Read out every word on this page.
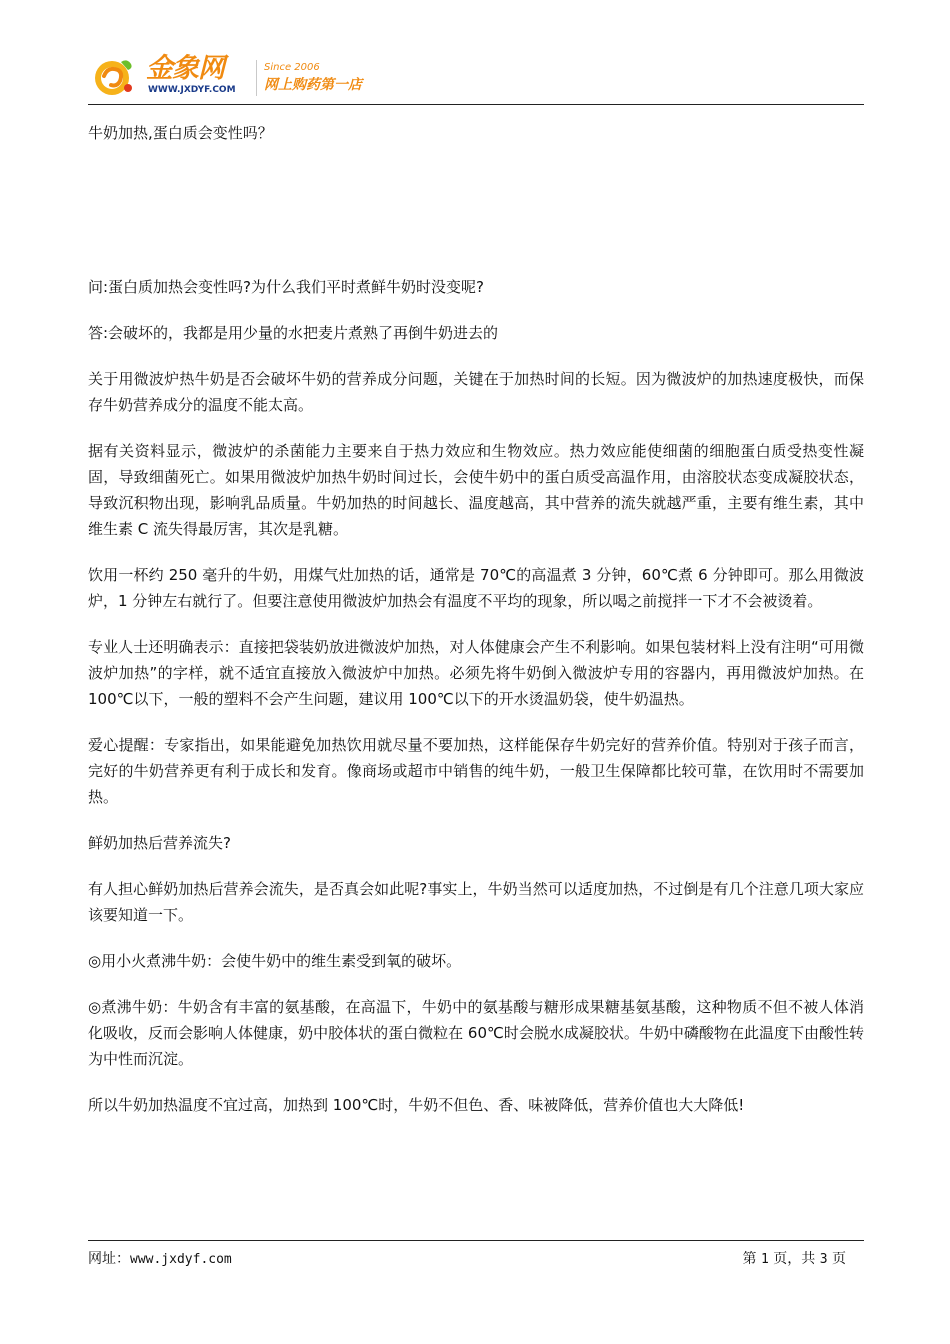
金象网
WWW.JXDYF.COM
Since 2006
网上购药第一店

牛奶加热,蛋白质会变性吗？

问:蛋白质加热会变性吗?为什么我们平时煮鲜牛奶时没变呢?

答:会破坏的，我都是用少量的水把麦片煮熟了再倒牛奶进去的

关于用微波炉热牛奶是否会破坏牛奶的营养成分问题，关键在于加热时间的长短。因为微波炉的加热速度极快，而保存牛奶营养成分的温度不能太高。

据有关资料显示，微波炉的杀菌能力主要来自于热力效应和生物效应。热力效应能使细菌的细胞蛋白质受热变性凝固，导致细菌死亡。如果用微波炉加热牛奶时间过长，会使牛奶中的蛋白质受高温作用，由溶胶状态变成凝胶状态，导致沉积物出现，影响乳品质量。牛奶加热的时间越长、温度越高，其中营养的流失就越严重，主要有维生素，其中维生素 C 流失得最厉害，其次是乳糖。

饮用一杯约 250 毫升的牛奶，用煤气灶加热的话，通常是 70℃的高温煮 3 分钟，60℃煮 6 分钟即可。那么用微波炉，1 分钟左右就行了。但要注意使用微波炉加热会有温度不平均的现象，所以喝之前搅拌一下才不会被烫着。

专业人士还明确表示：直接把袋装奶放进微波炉加热，对人体健康会产生不利影响。如果包装材料上没有注明“可用微波炉加热”的字样，就不适宜直接放入微波炉中加热。必须先将牛奶倒入微波炉专用的容器内，再用微波炉加热。在 100℃以下，一般的塑料不会产生问题，建议用 100℃以下的开水烫温奶袋，使牛奶温热。

爱心提醒：专家指出，如果能避免加热饮用就尽量不要加热，这样能保存牛奶完好的营养价值。特别对于孩子而言，完好的牛奶营养更有利于成长和发育。像商场或超市中销售的纯牛奶，一般卫生保障都比较可靠，在饮用时不需要加热。

鲜奶加热后营养流失?

有人担心鲜奶加热后营养会流失，是否真会如此呢?事实上，牛奶当然可以适度加热，不过倒是有几个注意几项大家应该要知道一下。

◎用小火煮沸牛奶：会使牛奶中的维生素受到氧的破坏。

◎煮沸牛奶：牛奶含有丰富的氨基酸，在高温下，牛奶中的氨基酸与糖形成果糖基氨基酸，这种物质不但不被人体消化吸收，反而会影响人体健康，奶中胶体状的蛋白微粒在 60℃时会脱水成凝胶状。牛奶中磷酸物在此温度下由酸性转为中性而沉淀。

所以牛奶加热温度不宜过高，加热到 100℃时，牛奶不但色、香、味被降低，营养价值也大大降低!

网址：www.jxdyf.com	第 1 页，共 3 页
